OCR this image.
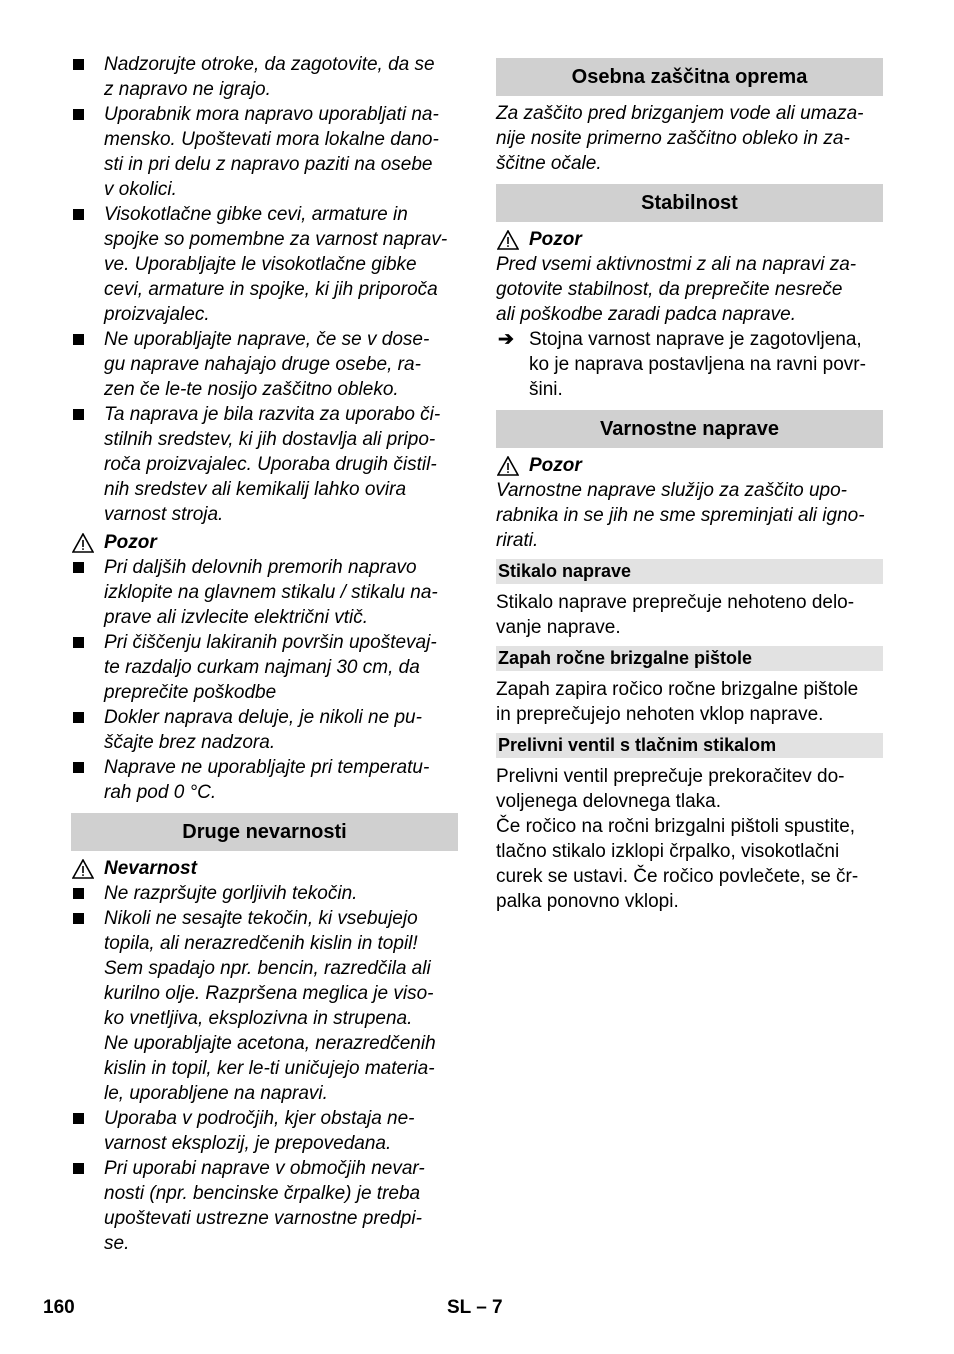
Nadzorujte otroke, da zagotovite, da se
z napravo ne igrajo.
Uporabnik mora napravo uporabljati na-
mensko. Upoštevati mora lokalne dano-
sti in pri delu z napravo paziti na osebe
v okolici.
Visokotlačne gibke cevi, armature in
spojke so pomembne za varnost naprav-
ve. Uporabljajte le visokotlačne gibke
cevi, armature in spojke, ki jih priporoča
proizvajalec.
Ne uporabljajte naprave, če se v dose-
gu naprave nahajajo druge osebe, ra-
zen če le-te nosijo zaščitno obleko.
Ta naprava je bila razvita za uporabo či-
stilnih sredstev, ki jih dostavlja ali pripo-
roča proizvajalec. Uporaba drugih čistil-
nih sredstev ali kemikalij lahko ovira
varnost stroja.
Pozor
Pri daljših delovnih premorih napravo
izklopite na glavnem stikalu / stikalu na-
prave ali izvlecite električni vtič.
Pri čiščenju lakiranih površin upoštevaj-
te razdaljo curkam najmanj 30 cm, da
preprečite poškodbe
Dokler naprava deluje, je nikoli ne pu-
ščajte brez nadzora.
Naprave ne uporabljajte pri temperatu-
rah pod 0 °C.
Druge nevarnosti
Nevarnost
Ne razpršujte gorljivih tekočin.
Nikoli ne sesajte tekočin, ki vsebujejo
topila, ali nerazredčenih kislin in topil!
Sem spadajo npr. bencin, razredčila ali
kurilno olje. Razpršena meglica je viso-
ko vnetljiva, eksplozivna in strupena.
Ne uporabljajte acetona, nerazredčenih
kislin in topil, ker le-ti uničujejo materia-
le, uporabljene na napravi.
Uporaba v področjih, kjer obstaja ne-
varnost eksplozij, je prepovedana.
Pri uporabi naprave v območjih nevar-
nosti (npr. bencinske črpalke) je treba
upoštevati ustrezne varnostne predpi-
se.
Osebna zaščitna oprema
Za zaščito pred brizganjem vode ali umaza-
nije nosite primerno zaščitno obleko in za-
ščitne očale.
Stabilnost
Pozor
Pred vsemi aktivnostmi z ali na napravi za-
gotovite stabilnost, da preprečite nesreče
ali poškodbe zaradi padca naprave.
➔ Stojna varnost naprave je zagotovljena,
ko je naprava postavljena na ravni povr-
šini.
Varnostne naprave
Pozor
Varnostne naprave služijo za zaščito upo-
rabnika in se jih ne sme spreminjati ali igno-
rirati.
Stikalo naprave
Stikalo naprave preprečuje nehoteno delo-
vanje naprave.
Zapah ročne brizgalne pištole
Zapah zapira ročico ročne brizgalne pištole
in preprečujejo nehoten vklop naprave.
Prelivni ventil s tlačnim stikalom
Prelivni ventil preprečuje prekoračitev do-
voljenega delovnega tlaka.
Če ročico na ročni brizgalni pištoli spustite,
tlačno stikalo izklopi črpalko, visokotlačni
curek se ustavi. Če ročico povlečete, se čr-
palka ponovno vklopi.
160	SL – 7
